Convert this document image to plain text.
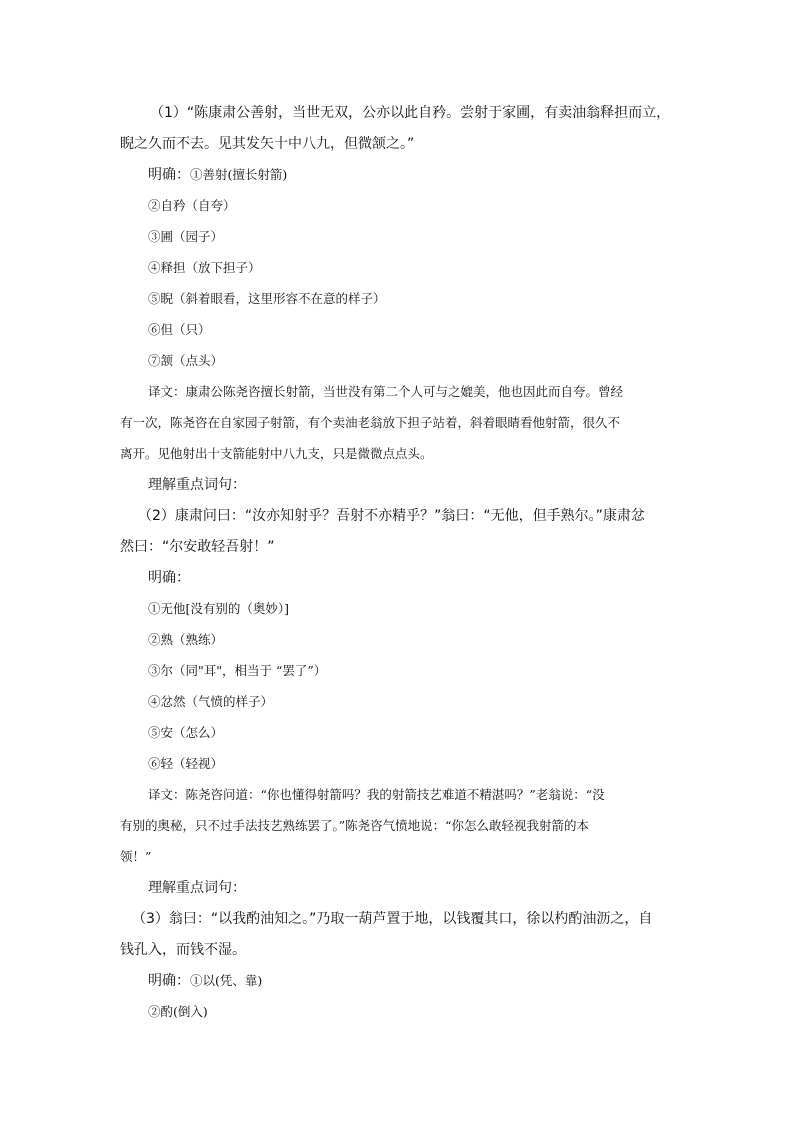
（1）“陈康肃公善射，当世无双，公亦以此自矜。尝射于家圃，有卖油翁释担而立，
睨之久而不去。见其发矢十中八九，但微颔之。”
明确：①善射(擅长射箭)
②自矜（自夸）
③圃（园子）
④释担（放下担子）
⑤睨（斜着眼看，这里形容不在意的样子）
⑥但（只）
⑦颔（点头）
译文：康肃公陈尧咨擅长射箭，当世没有第二个人可与之媲美，他也因此而自夸。曾经
有一次，陈尧咨在自家园子射箭，有个卖油老翁放下担子站着，斜着眼睛看他射箭，很久不
离开。见他射出十支箭能射中八九支，只是微微点点头。
理解重点词句：
（2）康肃问曰：“汝亦知射乎？吾射不亦精乎？”翁曰：“无他，但手熟尔。”康肃忿
然曰：“尔安敢轻吾射！”
明确：
①无他[没有别的（奥妙）]
②熟（熟练）
③尔（同"耳"，相当于 “罢了”）
④忿然（气愤的样子）
⑤安（怎么）
⑥轻（轻视）
译文：陈尧咨问道：“你也懂得射箭吗？我的射箭技艺难道不精湛吗？”老翁说：“没
有别的奥秘，只不过手法技艺熟练罢了。”陈尧咨气愤地说：“你怎么敢轻视我射箭的本
领！”
理解重点词句：
（3）翁曰：“以我酌油知之。”乃取一葫芦置于地，以钱覆其口，徐以杓酌油沥之，自
钱孔入，而钱不湿。
明确：①以(凭、靠)
②酌(倒入)
